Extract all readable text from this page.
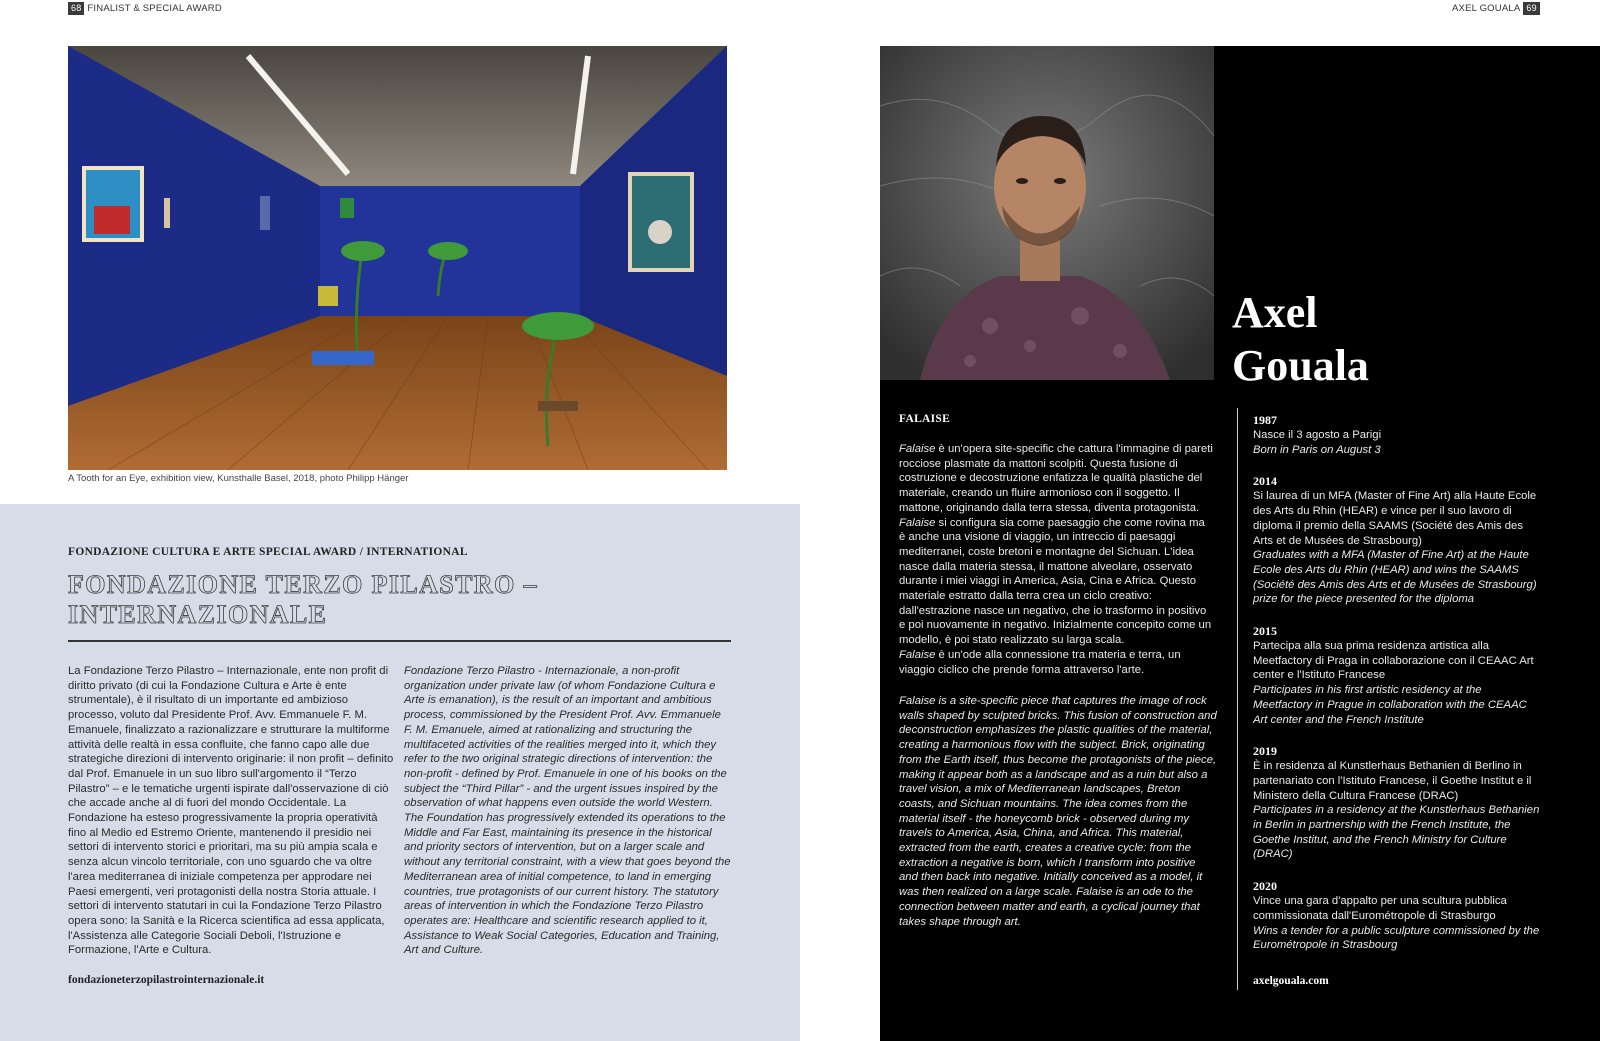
68 FINALIST & SPECIAL AWARD	AXEL GOUALA 69
A Tooth for an Eye, exhibition view, Kunsthalle Basel, 2018, photo Philipp Hänger
FONDAZIONE CULTURA E ARTE SPECIAL AWARD / INTERNATIONAL
FONDAZIONE TERZO PILASTRO –
INTERNAZIONALE
La Fondazione Terzo Pilastro – Internazionale, ente non profit di diritto privato (di cui la Fondazione Cultura e Arte è ente strumentale), è il risultato di un importante ed ambizioso processo, voluto dal Presidente Prof. Avv. Emmanuele F. M. Emanuele, finalizzato a razionalizzare e strutturare la multiforme attività delle realtà in essa confluite, che fanno capo alle due strategiche direzioni di intervento originarie: il non profit – definito dal Prof. Emanuele in un suo libro sull'argomento il “Terzo Pilastro” – e le tematiche urgenti ispirate dall'osservazione di ciò che accade anche al di fuori del mondo Occidentale. La Fondazione ha esteso progressivamente la propria operatività fino al Medio ed Estremo Oriente, mantenendo il presidio nei settori di intervento storici e prioritari, ma su più ampia scala e senza alcun vincolo territoriale, con uno sguardo che va oltre l'area mediterranea di iniziale competenza per approdare nei Paesi emergenti, veri protagonisti della nostra Storia attuale. I settori di intervento statutari in cui la Fondazione Terzo Pilastro opera sono: la Sanità e la Ricerca scientifica ad essa applicata, l'Assistenza alle Categorie Sociali Deboli, l'Istruzione e Formazione, l'Arte e Cultura.
Fondazione Terzo Pilastro - Internazionale, a non-profit organization under private law (of whom Fondazione Cultura e Arte is emanation), is the result of an important and ambitious process, commissioned by the President Prof. Avv. Emmanuele F. M. Emanuele, aimed at rationalizing and structuring the multifaceted activities of the realities merged into it, which they refer to the two original strategic directions of intervention: the non-profit - defined by Prof. Emanuele in one of his books on the subject the “Third Pillar” - and the urgent issues inspired by the observation of what happens even outside the world Western. The Foundation has progressively extended its operations to the Middle and Far East, maintaining its presence in the historical and priority sectors of intervention, but on a larger scale and without any territorial constraint, with a view that goes beyond the Mediterranean area of initial competence, to land in emerging countries, true protagonists of our current history. The statutory areas of intervention in which the Fondazione Terzo Pilastro operates are: Healthcare and scientific research applied to it, Assistance to Weak Social Categories, Education and Training, Art and Culture.
fondazioneterzopilastrointernazionale.it
Axel
Gouala
FALAISE
Falaise è un'opera site-specific che cattura l'immagine di pareti rocciose plasmate da mattoni scolpiti. Questa fusione di costruzione e decostruzione enfatizza le qualità plastiche del materiale, creando un fluire armonioso con il soggetto. Il mattone, originando dalla terra stessa, diventa protagonista. Falaise si configura sia come paesaggio che come rovina ma è anche una visione di viaggio, un intreccio di paesaggi mediterranei, coste bretoni e montagne del Sichuan. L'idea nasce dalla materia stessa, il mattone alveolare, osservato durante i miei viaggi in America, Asia, Cina e Africa. Questo materiale estratto dalla terra crea un ciclo creativo: dall'estrazione nasce un negativo, che io trasformo in positivo e poi nuovamente in negativo. Inizialmente concepito come un modello, è poi stato realizzato su larga scala.
Falaise è un'ode alla connessione tra materia e terra, un viaggio ciclico che prende forma attraverso l'arte.
Falaise is a site-specific piece that captures the image of rock walls shaped by sculpted bricks. This fusion of construction and deconstruction emphasizes the plastic qualities of the material, creating a harmonious flow with the subject. Brick, originating from the Earth itself, thus become the protagonists of the piece, making it appear both as a landscape and as a ruin but also a travel vision, a mix of Mediterranean landscapes, Breton coasts, and Sichuan mountains. The idea comes from the material itself - the honeycomb brick - observed during my travels to America, Asia, China, and Africa. This material, extracted from the earth, creates a creative cycle: from the extraction a negative is born, which I transform into positive and then back into negative. Initially conceived as a model, it was then realized on a large scale. Falaise is an ode to the connection between matter and earth, a cyclical journey that takes shape through art.
1987
Nasce il 3 agosto a Parigi
Born in Paris on August 3
2014
Si laurea di un MFA (Master of Fine Art) alla Haute Ecole des Arts du Rhin (HEAR) e vince per il suo lavoro di diploma il premio della SAAMS (Société des Amis des Arts et de Musées de Strasbourg)
Graduates with a MFA (Master of Fine Art) at the Haute Ecole des Arts du Rhin (HEAR) and wins the SAAMS (Société des Amis des Arts et de Musées de Strasbourg) prize for the piece presented for the diploma
2015
Partecipa alla sua prima residenza artistica alla Meetfactory di Praga in collaborazione con il CEAAC Art center e l'Istituto Francese
Participates in his first artistic residency at the Meetfactory in Prague in collaboration with the CEAAC Art center and the French Institute
2019
È in residenza al Kunstlerhaus Bethanien di Berlino in partenariato con l'Istituto Francese, il Goethe Institut e il Ministero della Cultura Francese (DRAC)
Participates in a residency at the Kunstlerhaus Bethanien in Berlin in partnership with the French Institute, the Goethe Institut, and the French Ministry for Culture (DRAC)
2020
Vince una gara d'appalto per una scultura pubblica commissionata dall'Eurométropole di Strasburgo
Wins a tender for a public sculpture commissioned by the Eurométropole in Strasbourg
axelgouala.com
